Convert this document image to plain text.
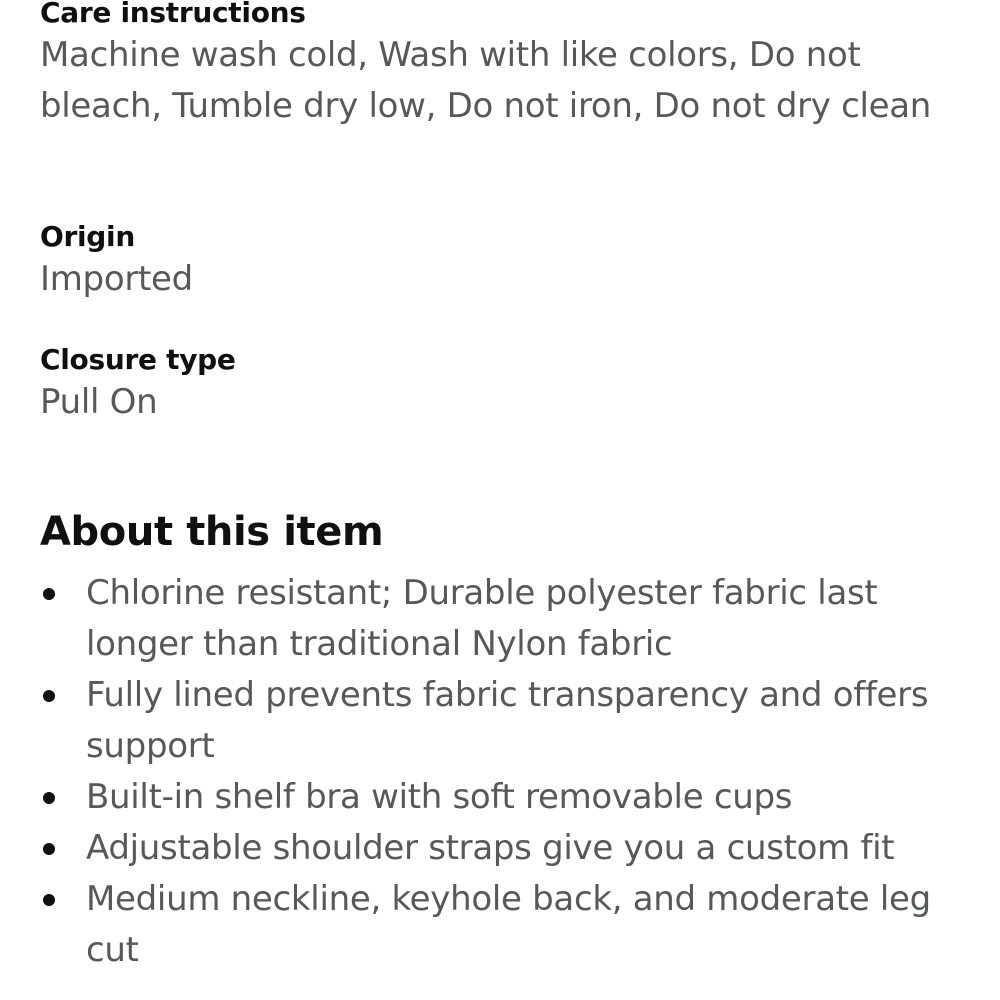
Care instructions

Machine wash cold, Wash with like colors, Do not bleach, Tumble dry low, Do not iron, Do not dry clean

Origin

Imported

Closure type

Pull On

About this item
Chlorine resistant; Durable polyester fabric last longer than traditional Nylon fabric
Fully lined prevents fabric transparency and offers support
Built-in shelf bra with soft removable cups
Adjustable shoulder straps give you a custom fit
Medium neckline, keyhole back, and moderate leg cut
